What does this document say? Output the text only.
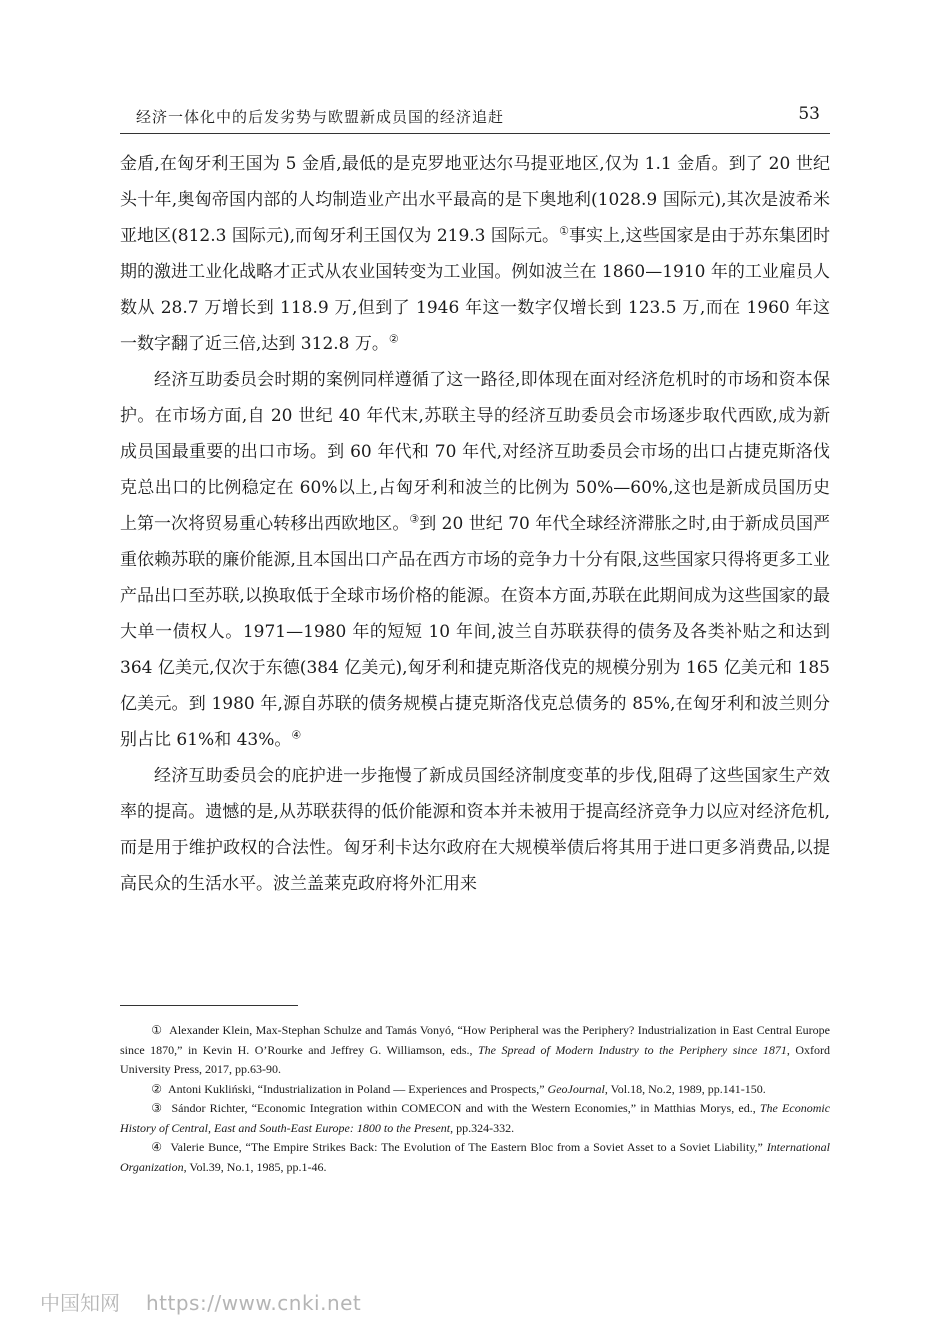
经济一体化中的后发劣势与欧盟新成员国的经济追赶	53

金盾,在匈牙利王国为 5 金盾,最低的是克罗地亚达尔马提亚地区,仅为 1.1 金盾。到了 20 世纪头十年,奥匈帝国内部的人均制造业产出水平最高的是下奥地利(1028.9 国际元),其次是波希米亚地区(812.3 国际元),而匈牙利王国仅为 219.3 国际元。①事实上,这些国家是由于苏东集团时期的激进工业化战略才正式从农业国转变为工业国。例如波兰在 1860—1910 年的工业雇员人数从 28.7 万增长到 118.9 万,但到了 1946 年这一数字仅增长到 123.5 万,而在 1960 年这一数字翻了近三倍,达到 312.8 万。②

经济互助委员会时期的案例同样遵循了这一路径,即体现在面对经济危机时的市场和资本保护。在市场方面,自 20 世纪 40 年代末,苏联主导的经济互助委员会市场逐步取代西欧,成为新成员国最重要的出口市场。到 60 年代和 70 年代,对经济互助委员会市场的出口占捷克斯洛伐克总出口的比例稳定在 60%以上,占匈牙利和波兰的比例为 50%—60%,这也是新成员国历史上第一次将贸易重心转移出西欧地区。③到 20 世纪 70 年代全球经济滞胀之时,由于新成员国严重依赖苏联的廉价能源,且本国出口产品在西方市场的竞争力十分有限,这些国家只得将更多工业产品出口至苏联,以换取低于全球市场价格的能源。在资本方面,苏联在此期间成为这些国家的最大单一债权人。1971—1980 年的短短 10 年间,波兰自苏联获得的债务及各类补贴之和达到 364 亿美元,仅次于东德(384 亿美元),匈牙利和捷克斯洛伐克的规模分别为 165 亿美元和 185 亿美元。到 1980 年,源自苏联的债务规模占捷克斯洛伐克总债务的 85%,在匈牙利和波兰则分别占比 61%和 43%。④

经济互助委员会的庇护进一步拖慢了新成员国经济制度变革的步伐,阻碍了这些国家生产效率的提高。遗憾的是,从苏联获得的低价能源和资本并未被用于提高经济竞争力以应对经济危机,而是用于维护政权的合法性。匈牙利卡达尔政府在大规模举债后将其用于进口更多消费品,以提高民众的生活水平。波兰盖莱克政府将外汇用来

① Alexander Klein, Max-Stephan Schulze and Tamás Vonyó, “How Peripheral was the Periphery? Industrialization in East Central Europe since 1870,” in Kevin H. O’Rourke and Jeffrey G. Williamson, eds., The Spread of Modern Industry to the Periphery since 1871, Oxford University Press, 2017, pp.63-90.

② Antoni Kukliński, “Industrialization in Poland — Experiences and Prospects,” GeoJournal, Vol.18, No.2, 1989, pp.141-150.

③ Sándor Richter, “Economic Integration within COMECON and with the Western Economies,” in Matthias Morys, ed., The Economic History of Central, East and South-East Europe: 1800 to the Present, pp.324-332.

④ Valerie Bunce, “The Empire Strikes Back: The Evolution of The Eastern Bloc from a Soviet Asset to a Soviet Liability,” International Organization, Vol.39, No.1, 1985, pp.1-46.

中国知网 https://www.cnki.net
